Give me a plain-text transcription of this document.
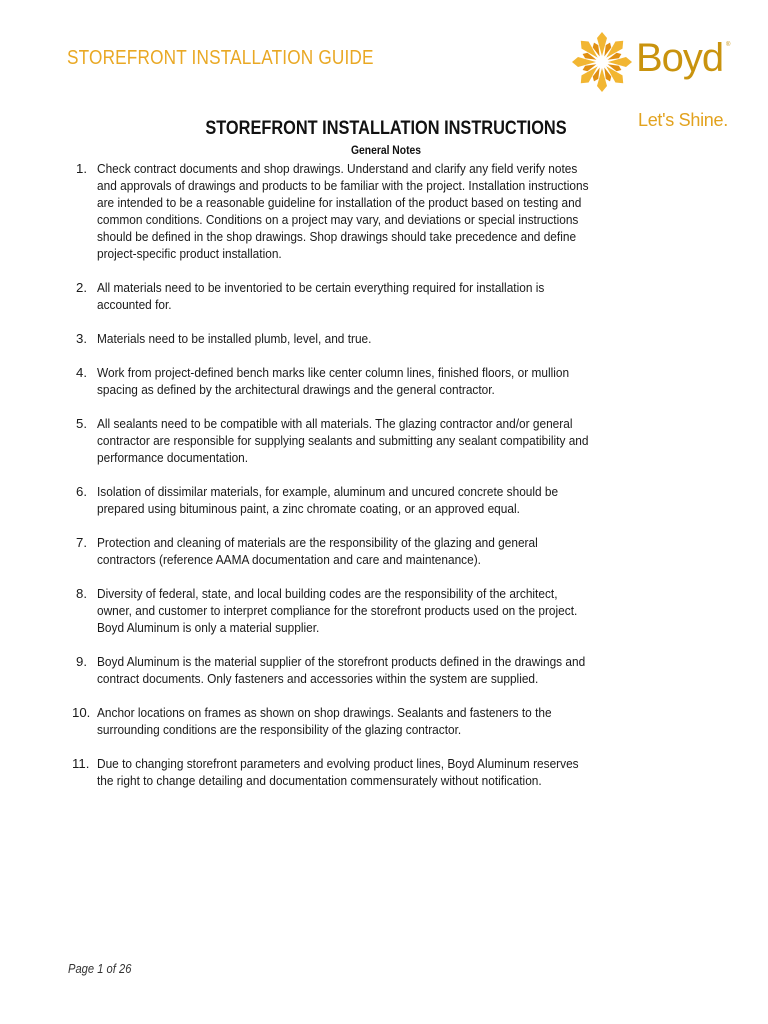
STOREFRONT INSTALLATION GUIDE	Boyd ®
Let's Shine.
STOREFRONT INSTALLATION INSTRUCTIONS
General Notes
1. Check contract documents and shop drawings. Understand and clarify any field verify notes and approvals of drawings and products to be familiar with the project. Installation instructions are intended to be a reasonable guideline for installation of the product based on testing and common conditions. Conditions on a project may vary, and deviations or special instructions should be defined in the shop drawings. Shop drawings should take precedence and define project-specific product installation.
2. All materials need to be inventoried to be certain everything required for installation is accounted for.
3. Materials need to be installed plumb, level, and true.
4. Work from project-defined bench marks like center column lines, finished floors, or mullion spacing as defined by the architectural drawings and the general contractor.
5. All sealants need to be compatible with all materials. The glazing contractor and/or general contractor are responsible for supplying sealants and submitting any sealant compatibility and performance documentation.
6. Isolation of dissimilar materials, for example, aluminum and uncured concrete should be prepared using bituminous paint, a zinc chromate coating, or an approved equal.
7. Protection and cleaning of materials are the responsibility of the glazing and general contractors (reference AAMA documentation and care and maintenance).
8. Diversity of federal, state, and local building codes are the responsibility of the architect, owner, and customer to interpret compliance for the storefront products used on the project. Boyd Aluminum is only a material supplier.
9. Boyd Aluminum is the material supplier of the storefront products defined in the drawings and contract documents. Only fasteners and accessories within the system are supplied.
10. Anchor locations on frames as shown on shop drawings. Sealants and fasteners to the surrounding conditions are the responsibility of the glazing contractor.
11. Due to changing storefront parameters and evolving product lines, Boyd Aluminum reserves the right to change detailing and documentation commensurately without notification.
Page 1 of 26
